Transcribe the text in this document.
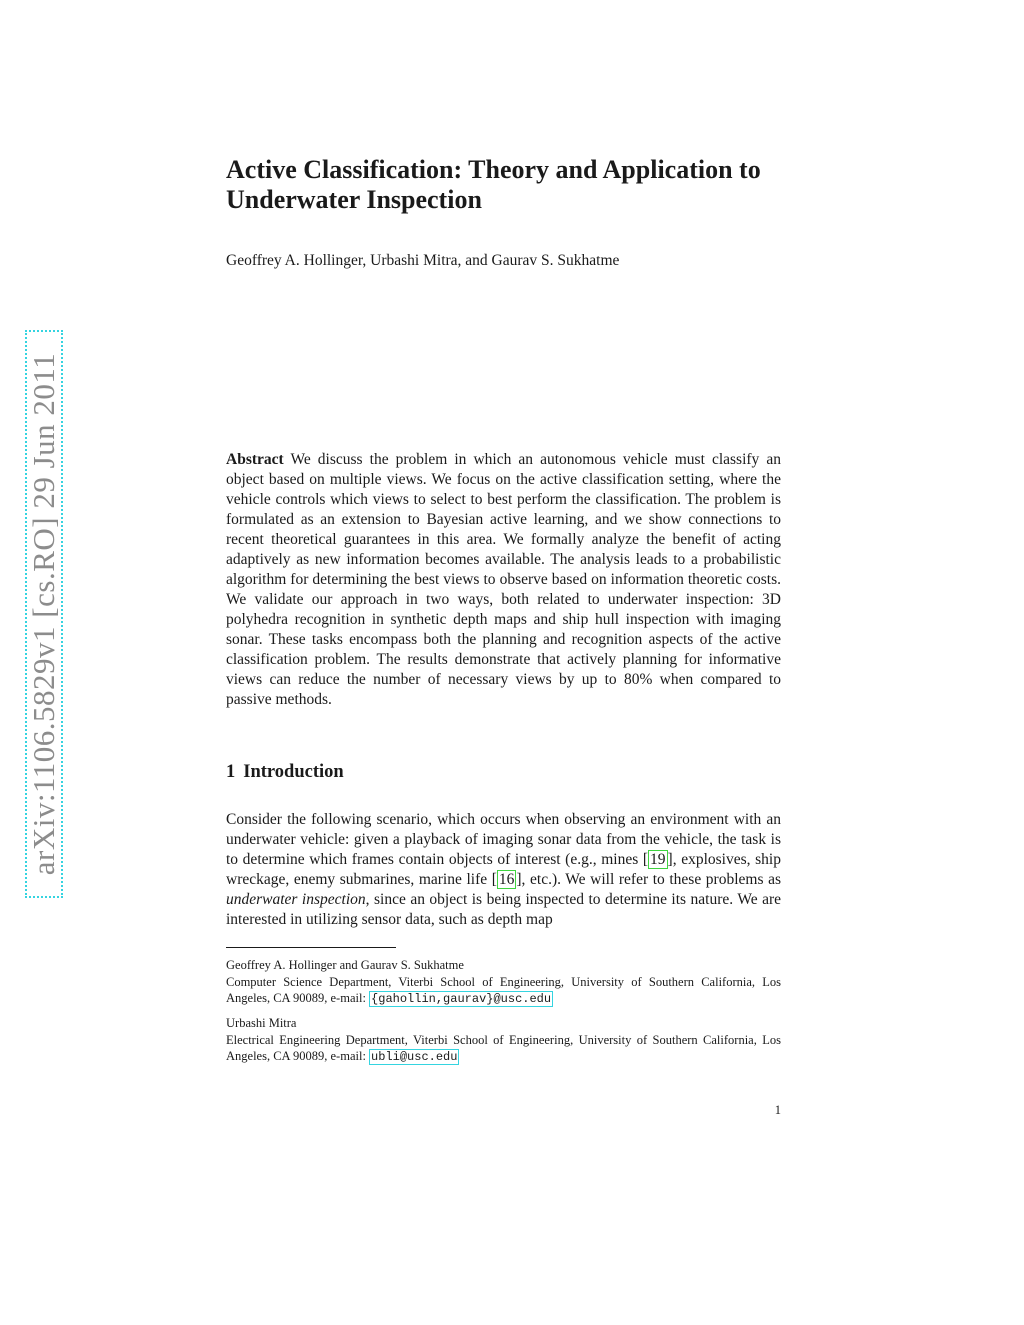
arXiv:1106.5829v1 [cs.RO] 29 Jun 2011
Active Classification: Theory and Application to
Underwater Inspection

Geoffrey A. Hollinger, Urbashi Mitra, and Gaurav S. Sukhatme

Abstract We discuss the problem in which an autonomous vehicle must classify an object based on multiple views. We focus on the active classification setting, where the vehicle controls which views to select to best perform the classification. The problem is formulated as an extension to Bayesian active learning, and we show connections to recent theoretical guarantees in this area. We formally analyze the benefit of acting adaptively as new information becomes available. The analysis leads to a probabilistic algorithm for determining the best views to observe based on information theoretic costs. We validate our approach in two ways, both related to underwater inspection: 3D polyhedra recognition in synthetic depth maps and ship hull inspection with imaging sonar. These tasks encompass both the planning and recognition aspects of the active classification problem. The results demonstrate that actively planning for informative views can reduce the number of necessary views by up to 80% when compared to passive methods.

1 Introduction

Consider the following scenario, which occurs when observing an environment with an underwater vehicle: given a playback of imaging sonar data from the vehicle, the task is to determine which frames contain objects of interest (e.g., mines [ 19 ], explosives, ship wreckage, enemy submarines, marine life [ 16 ], etc.). We will refer to these problems as underwater inspection, since an object is being inspected to determine its nature. We are interested in utilizing sensor data, such as depth map

Geoffrey A. Hollinger and Gaurav S. Sukhatme

Computer Science Department, Viterbi School of Engineering, University of Southern California, Los Angeles, CA 90089, e-mail: {gahollin,gaurav}@usc.edu

Urbashi Mitra

Electrical Engineering Department, Viterbi School of Engineering, University of Southern California, Los Angeles, CA 90089, e-mail: ubli@usc.edu

1
